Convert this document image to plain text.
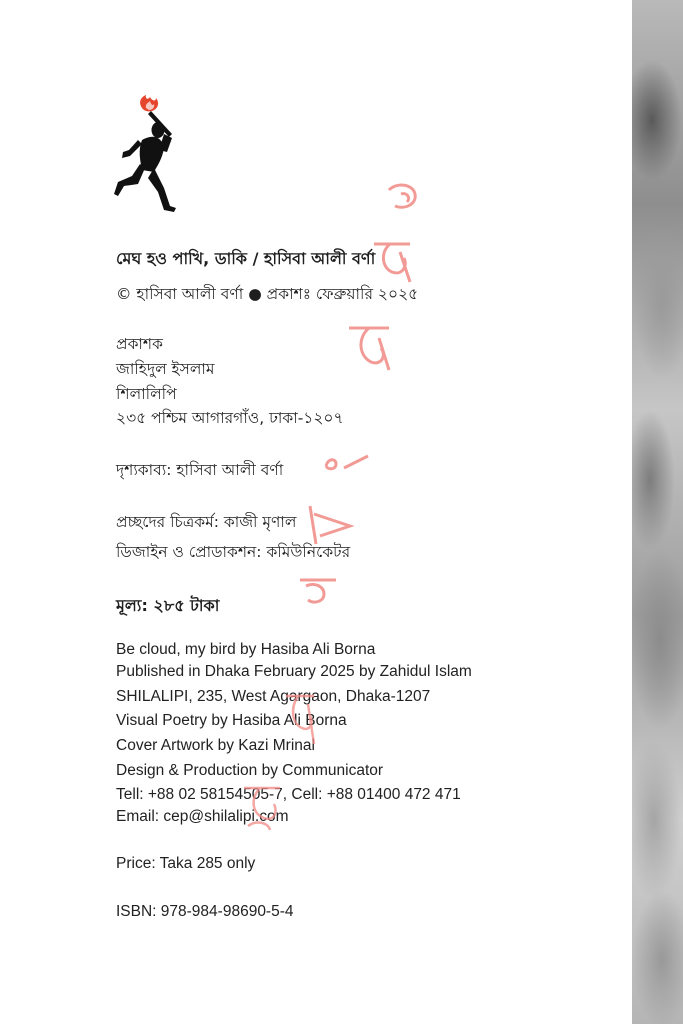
মেঘ হও পাখি, ডাকি / হাসিবা আলী বর্ণা
© হাসিবা আলী বর্ণা ● প্রকাশঃ ফেব্রুয়ারি ২০২৫
প্রকাশক
জাহিদুল ইসলাম
শিলালিপি
২৩৫ পশ্চিম আগারগাঁও, ঢাকা-১২০৭
দৃশ্যকাব্য: হাসিবা আলী বর্ণা
প্রচ্ছদের চিত্রকর্ম: কাজী মৃণাল
ডিজাইন ও প্রোডাকশন: কমিউনিকেটর
মূল্য: ২৮৫ টাকা
Be cloud, my bird by Hasiba Ali Borna
Published in Dhaka February 2025 by Zahidul Islam
SHILALIPI, 235, West Agargaon, Dhaka-1207
Visual Poetry by Hasiba Ali Borna
Cover Artwork by Kazi Mrinal
Design & Production by Communicator
Tell: +88 02 58154505-7, Cell: +88 01400 472 471
Email: cep@shilalipi.com
Price: Taka 285 only
ISBN: 978-984-98690-5-4
